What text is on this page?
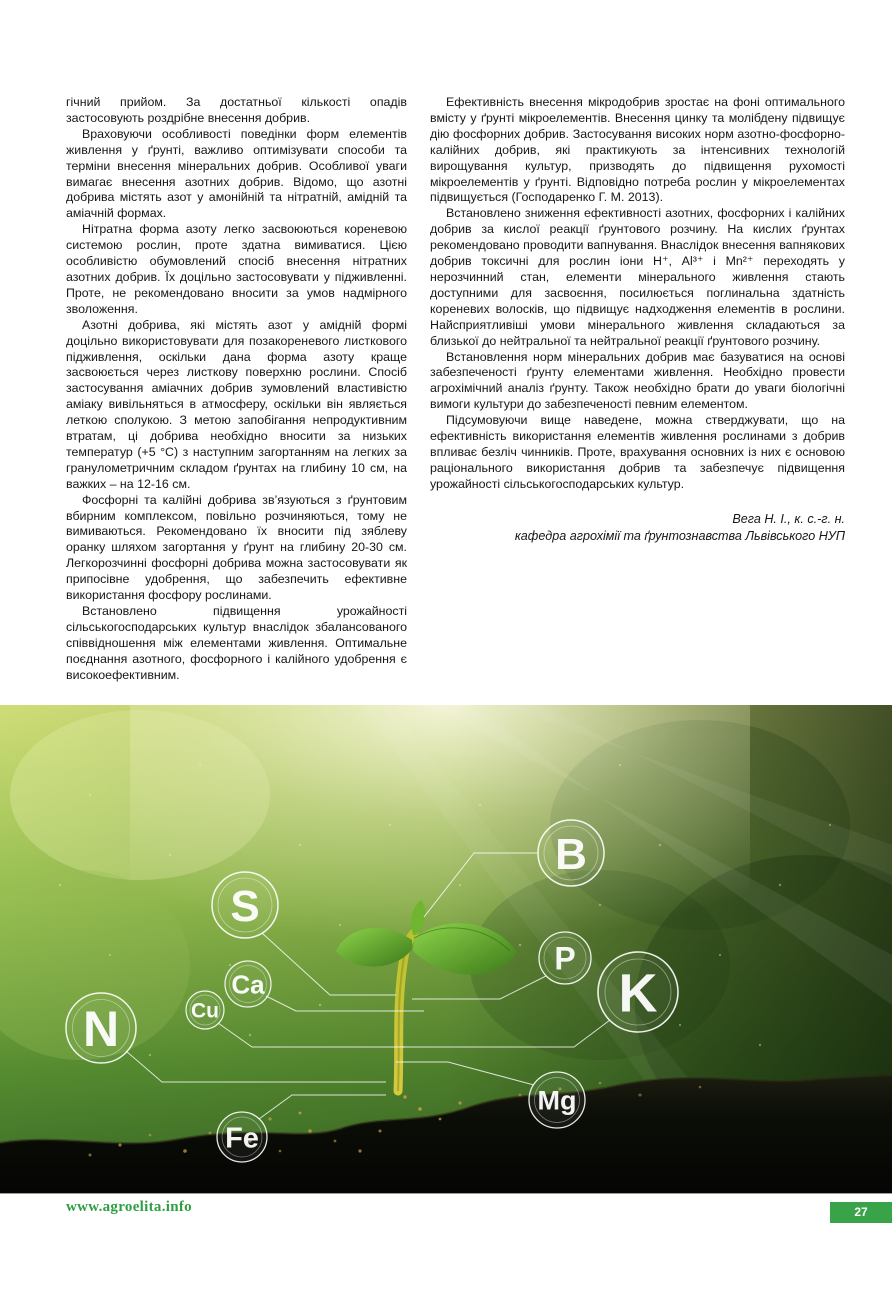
гічний прийом. За достатньої кількості опадів застосовують роздрібне внесення добрив.

Враховуючи особливості поведінки форм елементів живлення у ґрунті, важливо оптимізувати способи та терміни внесення мінеральних добрив. Особливої уваги вимагає внесення азотних добрив. Відомо, що азотні добрива містять азот у амонійній та нітратній, амідній та аміачній формах.

Нітратна форма азоту легко засвоюються кореневою системою рослин, проте здатна вимиватися. Цією особливістю обумовлений спосіб внесення нітратних азотних добрив. Їх доцільно застосовувати у підживленні. Проте, не рекомендовано вносити за умов надмірного зволоження.

Азотні добрива, які містять азот у амідній формі доцільно використовувати для позакореневого листкового підживлення, оскільки дана форма азоту краще засвоюється через листкову поверхню рослини. Спосіб застосування аміачних добрив зумовлений властивістю аміаку вивільняться в атмосферу, оскільки він являється леткою сполукою. З метою запобігання непродуктивним втратам, ці добрива необхідно вносити за низьких температур (+5 °С) з наступним загортанням на легких за гранулометричним складом ґрунтах на глибину 10 см, на важких – на 12-16 см.

Фосфорні та калійні добрива зв’язуються з ґрунтовим вбирним комплексом, повільно розчиняються, тому не вимиваються. Рекомендовано їх вносити під зяблеву оранку шляхом загортання у ґрунт на глибину 20-30 см. Легкорозчинні фосфорні добрива можна застосовувати як припосівне удобрення, що забезпечить ефективне використання фосфору рослинами.

Встановлено підвищення урожайності сільськогосподарських культур внаслідок збалансованого співвідношення між елементами живлення. Оптимальне поєднання азотного, фосфорного і калійного удобрення є високоефективним.

Ефективність внесення мікродобрив зростає на фоні оптимального вмісту у ґрунті мікроелементів. Внесення цинку та молібдену підвищує дію фосфорних добрив. Застосування високих норм азотно-фосфорно-калійних добрив, які практикують за інтенсивних технологій вирощування культур, призводять до підвищення рухомості мікроелементів у ґрунті. Відповідно потреба рослин у мікроелементах підвищується (Господаренко Г. М. 2013).

Встановлено зниження ефективності азотних, фосфорних і калійних добрив за кислої реакції ґрунтового розчину. На кислих ґрунтах рекомендовано проводити вапнування. Внаслідок внесення вапнякових добрив токсичні для рослин іони Н⁺, Al³⁺ і Mn²⁺ переходять у нерозчинний стан, елементи мінерального живлення стають доступними для засвоєння, посилюється поглинальна здатність кореневих волосків, що підвищує надходження елементів в рослини. Найсприятливіші умови мінерального живлення складаються за близької до нейтральної та нейтральної реакції ґрунтового розчину.

Встановлення норм мінеральних добрив має базуватися на основі забезпеченості ґрунту елементами живлення. Необхідно провести агрохімічний аналіз ґрунту. Також необхідно брати до уваги біологічні вимоги культури до забезпеченості певним елементом.

Підсумовуючи вище наведене, можна стверджувати, що на ефективність використання елементів живлення рослинами з добрив впливає безліч чинників. Проте, врахування основних із них є основою раціонального використання добрив та забезпечує підвищення урожайності сільськогосподарських культур.

Вега Н. І., к. с.-г. н.
кафедра агрохімії та ґрунтознавства Львівського НУП
S
B
Ca
Cu
N
P
K
Mg
Fe
www.agroelita.info	27
